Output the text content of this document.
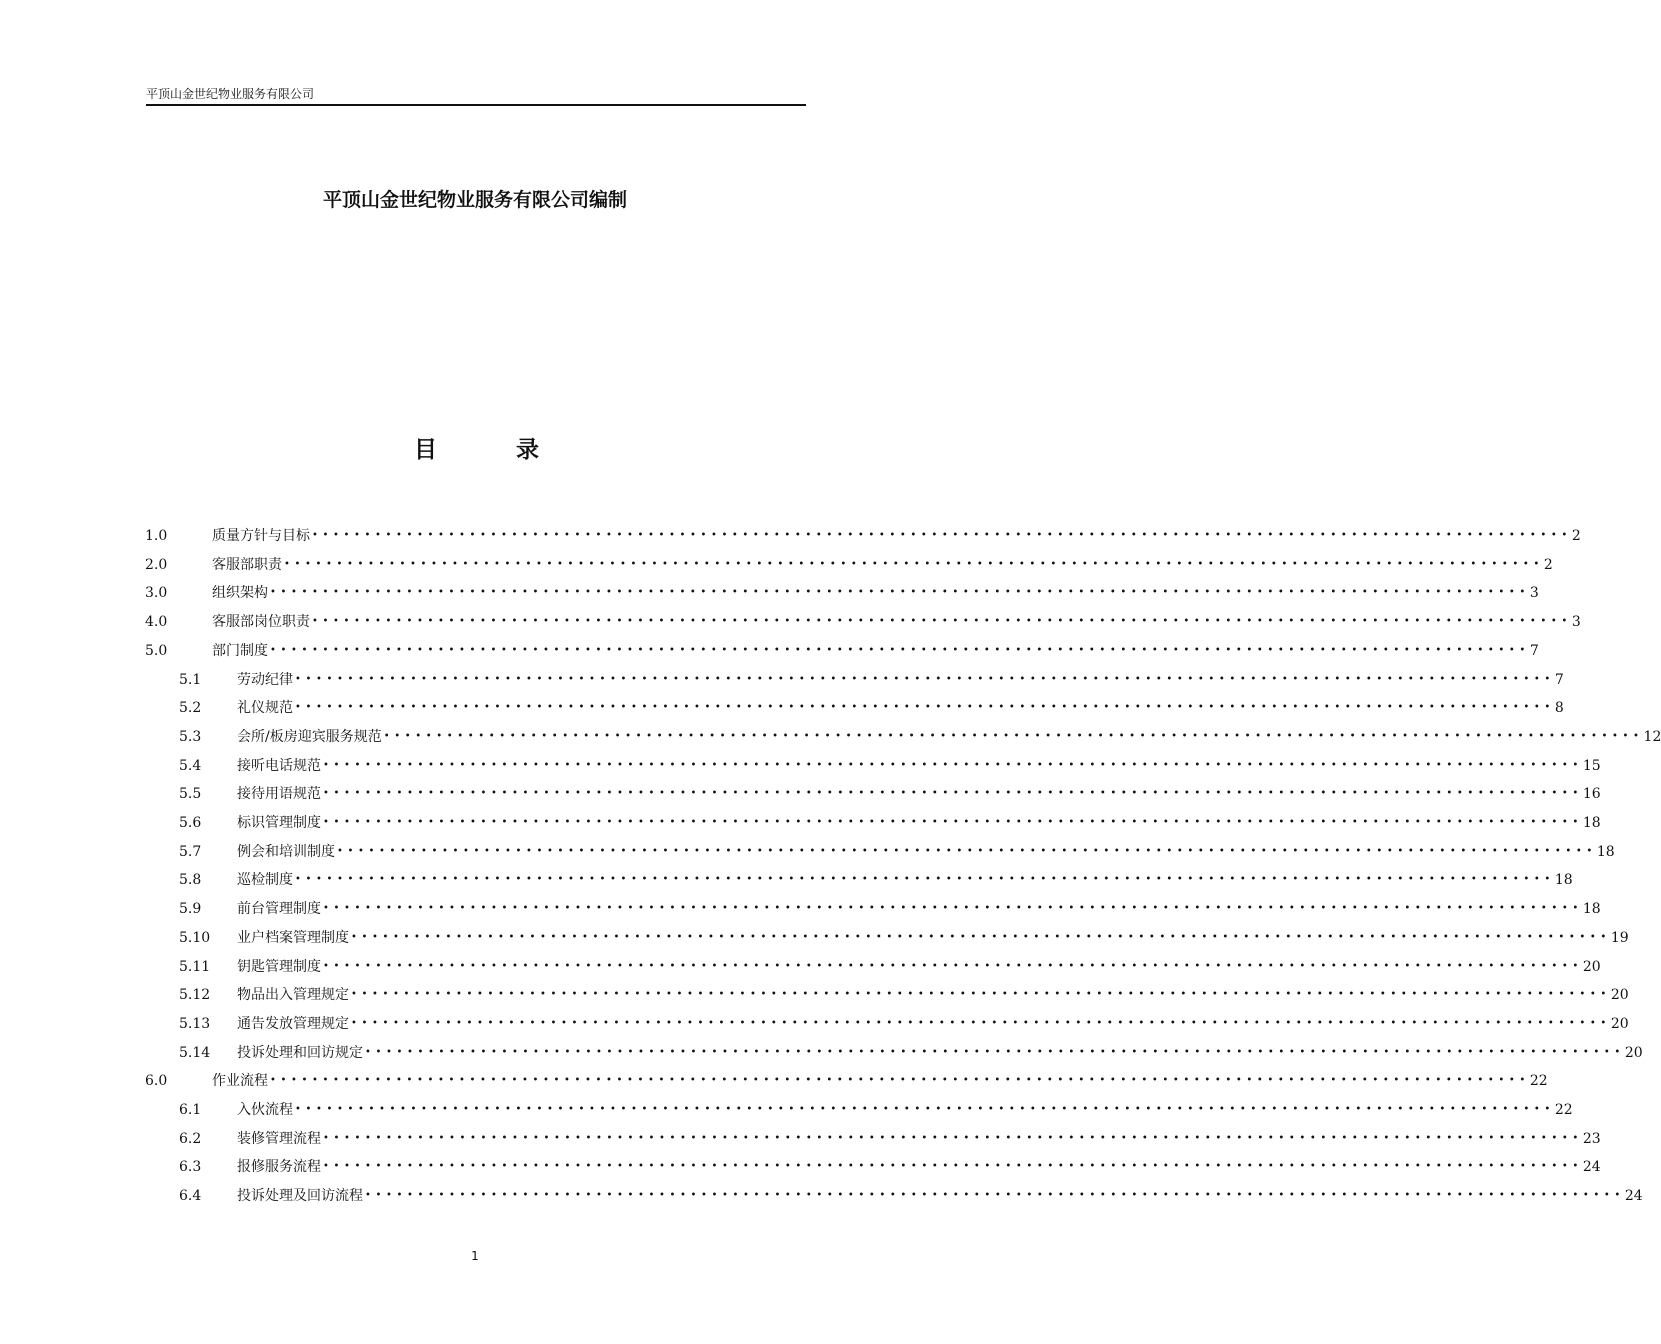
平顶山金世纪物业服务有限公司
平顶山金世纪物业服务有限公司编制
目	录
1.0	质量方针与目标 •••••••••••••••••••••••••••••••••••••••••••••••••••••••••••••••••••••••••••••••••••••••••••••••••••••••••••••••••••••••• 2
2.0	客服部职责 •••••••••••••••••••••••••••••••••••••••••••••••••••••••••••••••••••••••••••••••••••••••••••••••••••••••••••••••••••••••• 2
3.0	组织架构 •••••••••••••••••••••••••••••••••••••••••••••••••••••••••••••••••••••••••••••••••••••••••••••••••••••••••••••••••••••••• 3
4.0	客服部岗位职责 •••••••••••••••••••••••••••••••••••••••••••••••••••••••••••••••••••••••••••••••••••••••••••••••••••••••••••••••••••••••• 3
5.0	部门制度 •••••••••••••••••••••••••••••••••••••••••••••••••••••••••••••••••••••••••••••••••••••••••••••••••••••••••••••••••••••••• 7
5.1	劳动纪律 •••••••••••••••••••••••••••••••••••••••••••••••••••••••••••••••••••••••••••••••••••••••••••••••••••••••••••••••••••••••• 7
5.2	礼仪规范 •••••••••••••••••••••••••••••••••••••••••••••••••••••••••••••••••••••••••••••••••••••••••••••••••••••••••••••••••••••••• 8
5.3	会所/板房迎宾服务规范 •••••••••••••••••••••••••••••••••••••••••••••••••••••••••••••••••••••••••••••••••••••••••••••••••••••••••••••••••••••••• 12
5.4	接听电话规范 •••••••••••••••••••••••••••••••••••••••••••••••••••••••••••••••••••••••••••••••••••••••••••••••••••••••••••••••••••••••• 15
5.5	接待用语规范 •••••••••••••••••••••••••••••••••••••••••••••••••••••••••••••••••••••••••••••••••••••••••••••••••••••••••••••••••••••••• 16
5.6	标识管理制度 •••••••••••••••••••••••••••••••••••••••••••••••••••••••••••••••••••••••••••••••••••••••••••••••••••••••••••••••••••••••• 18
5.7	例会和培训制度 •••••••••••••••••••••••••••••••••••••••••••••••••••••••••••••••••••••••••••••••••••••••••••••••••••••••••••••••••••••••• 18
5.8	巡检制度 •••••••••••••••••••••••••••••••••••••••••••••••••••••••••••••••••••••••••••••••••••••••••••••••••••••••••••••••••••••••• 18
5.9	前台管理制度 •••••••••••••••••••••••••••••••••••••••••••••••••••••••••••••••••••••••••••••••••••••••••••••••••••••••••••••••••••••••• 18
5.10 业户档案管理制度 •••••••••••••••••••••••••••••••••••••••••••••••••••••••••••••••••••••••••••••••••••••••••••••••••••••••••••••••••••••••• 19
5.11 钥匙管理制度 •••••••••••••••••••••••••••••••••••••••••••••••••••••••••••••••••••••••••••••••••••••••••••••••••••••••••••••••••••••••• 20
5.12 物品出入管理规定 •••••••••••••••••••••••••••••••••••••••••••••••••••••••••••••••••••••••••••••••••••••••••••••••••••••••••••••••••••••••• 20
5.13 通告发放管理规定 •••••••••••••••••••••••••••••••••••••••••••••••••••••••••••••••••••••••••••••••••••••••••••••••••••••••••••••••••••••••• 20
5.14 投诉处理和回访规定 •••••••••••••••••••••••••••••••••••••••••••••••••••••••••••••••••••••••••••••••••••••••••••••••••••••••••••••••••••••••• 20
6.0	作业流程 •••••••••••••••••••••••••••••••••••••••••••••••••••••••••••••••••••••••••••••••••••••••••••••••••••••••••••••••••••••••• 22
6.1	入伙流程 •••••••••••••••••••••••••••••••••••••••••••••••••••••••••••••••••••••••••••••••••••••••••••••••••••••••••••••••••••••••• 22
6.2	装修管理流程 •••••••••••••••••••••••••••••••••••••••••••••••••••••••••••••••••••••••••••••••••••••••••••••••••••••••••••••••••••••••• 23
6.3	报修服务流程 •••••••••••••••••••••••••••••••••••••••••••••••••••••••••••••••••••••••••••••••••••••••••••••••••••••••••••••••••••••••• 24
6.4	投诉处理及回访流程 •••••••••••••••••••••••••••••••••••••••••••••••••••••••••••••••••••••••••••••••••••••••••••••••••••••••••••••••••••••••• 24
1
